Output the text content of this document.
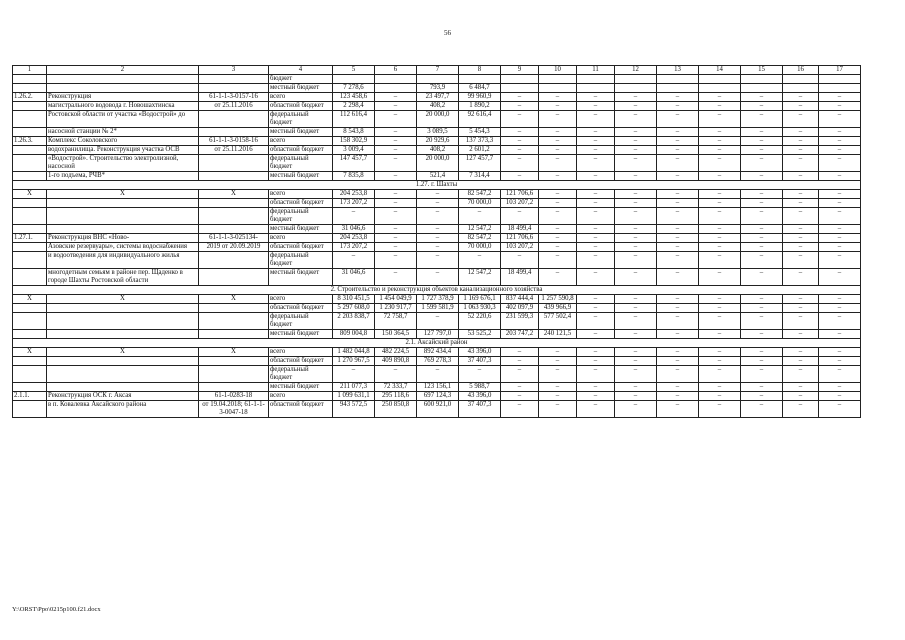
56
1	2	3	4	5	6	7	8	9	10	11	12	13	14	15	16	17
			бюджет													
			местный бюджет	7 278,6		793,9	6 484,7									
1.26.2.	Реконструкция	61-1-1-3-0157-16	всего	123 458,6	–	23 497,7	99 960,9	–	–	–	–	–	–	–	–	–
	магистрального водовода г. Новошахтинска	от 25.11.2016	областной бюджет	2 298,4	–	408,2	1 890,2	–	–	–	–	–	–	–	–	–
	Ростовской области от участка «Водострой» до		федеральный бюджет	112 616,4	–	20 000,0	92 616,4	–	–	–	–	–	–	–	–	–
	насосной станции № 2*		местный бюджет	8 543,8	–	3 089,5	5 454,3	–	–	–	–	–	–	–	–	–
1.26.3.	Комплекс Соколовского	61-1-1-3-0158-16	всего	158 302,9	–	20 929,6	137 373,3	–	–	–	–	–	–	–	–	–
	водохранилища. Реконструкция участка ОСВ	от 25.11.2016	областной бюджет	3 009,4	–	408,2	2 601,2	–	–	–	–	–	–	–	–	–
	«Водострой». Строительство электролизной, насосной		федеральный бюджет	147 457,7	–	20 000,0	127 457,7	–	–	–	–	–	–	–	–	–
	1-го подъема, РЧВ*		местный бюджет	7 835,8	–	521,4	7 314,4	–	–	–	–	–	–	–	–	–
1.27. г. Шахты																
Х	Х	Х	всего	204 253,8	–	–	82 547,2	121 706,6	–	–	–	–	–	–	–	–
			областной бюджет	173 207,2	–	–	70 000,0	103 207,2	–	–	–	–	–	–	–	–
			федеральный бюджет	–	–	–	–	–	–	–	–	–	–	–	–	–
			местный бюджет	31 046,6	–	–	12 547,2	18 499,4	–	–	–	–	–	–	–	–
1.27.1.	Реконструкция ВНС «Ново-	61-1-1-3-025134-	всего	204 253,8	–	–	82 547,2	121 706,6	–	–	–	–	–	–	–	–
	Азовские резервуары», системы водоснабжения	2019 от 20.09.2019	областной бюджет	173 207,2	–	–	70 000,0	103 207,2	–	–	–	–	–	–	–	–
	и водоотведения для индивидуального жилья		федеральный бюджет	–	–	–	–	–	–	–	–	–	–	–	–	–
	многодетным семьям в районе пер. Щаденко в городе Шахты Ростовской области		местный бюджет	31 046,6	–	–	12 547,2	18 499,4	–	–	–	–	–	–	–	–
2. Строительство и реконструкция объектов канализационного хозяйства																
Х	Х	Х	всего	8 310 451,5	1 454 049,9	1 727 378,9	1 169 676,1	837 444,4	1 257 590,8	–	–	–	–	–	–	–
			областной бюджет	5 297 608,0	1 230 917,7	1 599 581,9	1 063 930,3	402 097,9	439 966,9	–	–	–	–	–	–	–
			федеральный бюджет	2 203 838,7	72 758,7	–	52 220,6	231 599,3	577 502,4	–	–	–	–	–	–	–
			местный бюджет	809 004,8	150 364,5	127 797,0	53 525,2	203 747,2	240 121,5	–	–	–	–	–	–	–
2.1. Аксайский район																
Х	Х	Х	всего	1 482 044,8	482 224,5	892 434,4	43 396,0	–	–	–	–	–	–	–	–	–
			областной бюджет	1 270 967,5	409 890,8	769 278,3	37 407,3	–	–	–	–	–	–	–	–	–
			федеральный бюджет	–	–	–	–	–	–	–	–	–	–	–	–	–
			местный бюджет	211 077,3	72 333,7	123 156,1	5 988,7	–	–	–	–	–	–	–	–	–
2.1.1.	Реконструкция ОСК г. Аксая	61-1-0283-18	всего	1 099 631,1	295 118,6	697 124,3	43 396,0	–	–	–	–	–	–	–	–	–
	в п. Ковалевка Аксайского района	от 19.04.2018; 61-1-1-3-0047-18	областной бюджет	943 572,5	250 850,8	600 921,0	37 407,3	–	–	–	–	–	–	–	–	–
Y:\ORST\Ppo\0215p100.f21.docx
